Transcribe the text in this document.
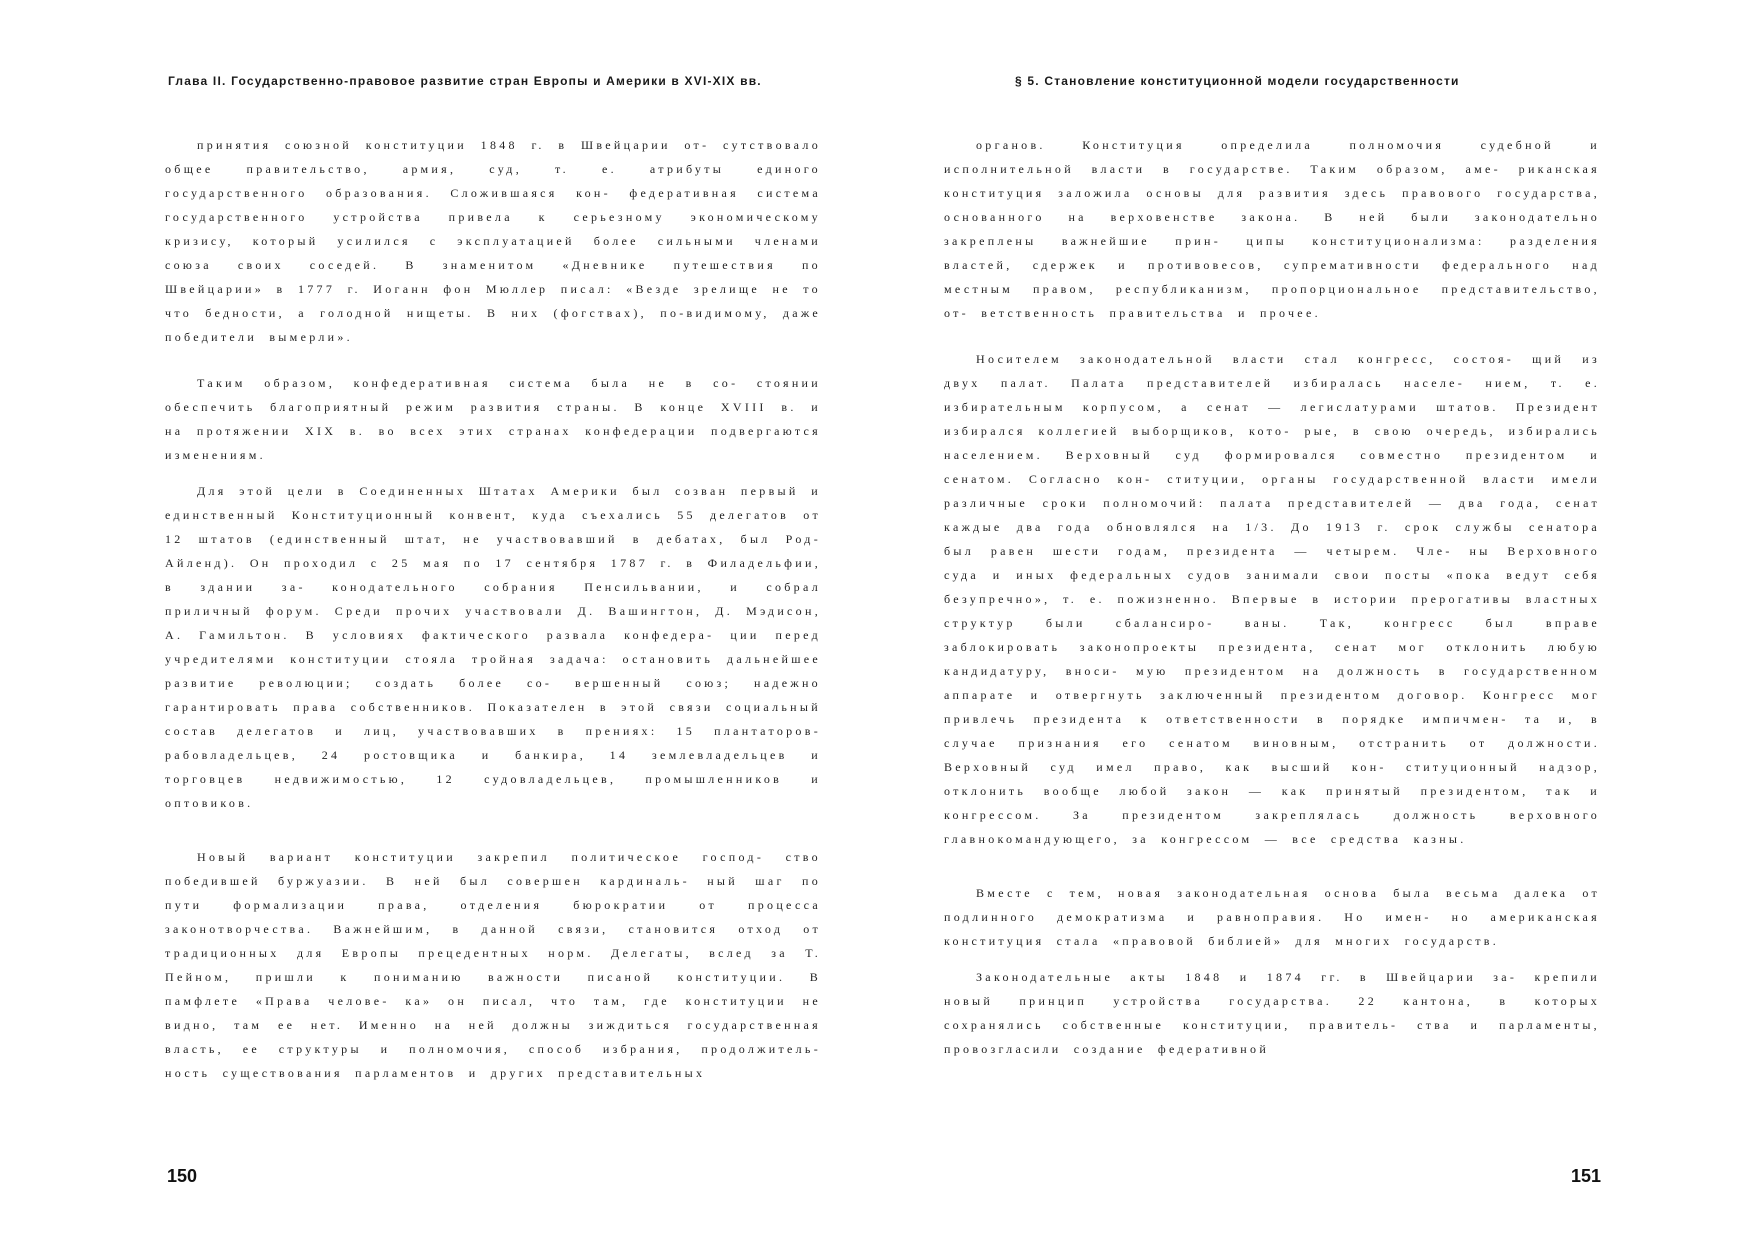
Глава II. Государственно-правовое развитие стран Европы и Америки в XVI-XIX вв.

принятия союзной конституции 1848 г. в Швейцарии от- сутствовало общее правительство, армия, суд, т. е. атрибуты единого государственного образования. Сложившаяся кон- федеративная система государственного устройства привела к серьезному экономическому кризису, который усилился с эксплуатацией более сильными членами союза своих соседей. В знаменитом «Дневнике путешествия по Швейцарии» в 1777 г. Иоганн фон Мюллер писал: «Везде зрелище не то что бедности, а голодной нищеты. В них (фогствах), по-видимому, даже победители вымерли».

Таким образом, конфедеративная система была не в со- стоянии обеспечить благоприятный режим развития страны. В конце XVIII в. и на протяжении XIX в. во всех этих странах конфедерации подвергаются изменениям.

Для этой цели в Соединенных Штатах Америки был созван первый и единственный Конституционный конвент, куда съехались 55 делегатов от 12 штатов (единственный штат, не участвовавший в дебатах, был Род-Айленд). Он проходил с 25 мая по 17 сентября 1787 г. в Филадельфии, в здании за- конодательного собрания Пенсильвании, и собрал приличный форум. Среди прочих участвовали Д. Вашингтон, Д. Мэдисон, А. Гамильтон. В условиях фактического развала конфедера- ции перед учредителями конституции стояла тройная задача: остановить дальнейшее развитие революции; создать более со- вершенный союз; надежно гарантировать права собственников. Показателен в этой связи социальный состав делегатов и лиц, участвовавших в прениях: 15 плантаторов-рабовладельцев, 24 ростовщика и банкира, 14 землевладельцев и торговцев недвижимостью, 12 судовладельцев, промышленников и оптовиков.

Новый вариант конституции закрепил политическое господ- ство победившей буржуазии. В ней был совершен кардиналь- ный шаг по пути формализации права, отделения бюрократии от процесса законотворчества. Важнейшим, в данной связи, становится отход от традиционных для Европы прецедентных норм. Делегаты, вслед за Т. Пейном, пришли к пониманию важности писаной конституции. В памфлете «Права челове- ка» он писал, что там, где конституции не видно, там ее нет. Именно на ней должны зиждиться государственная власть, ее структуры и полномочия, способ избрания, продолжитель- ность существования парламентов и других представительных

150
§ 5. Становление конституционной модели государственности

органов. Конституция определила полномочия судебной и исполнительной власти в государстве. Таким образом, аме- риканская конституция заложила основы для развития здесь правового государства, основанного на верховенстве закона. В ней были законодательно закреплены важнейшие прин- ципы конституционализма: разделения властей, сдержек и противовесов, супремативности федерального над местным правом, республиканизм, пропорциональное представительство, от- ветственность правительства и прочее.

Носителем законодательной власти стал конгресс, состоя- щий из двух палат. Палата представителей избиралась населе- нием, т. е. избирательным корпусом, а сенат — легислатурами штатов. Президент избирался коллегией выборщиков, кото- рые, в свою очередь, избирались населением. Верховный суд формировался совместно президентом и сенатом. Согласно кон- ституции, органы государственной власти имели различные сроки полномочий: палата представителей — два года, сенат каждые два года обновлялся на 1/3. До 1913 г. срок службы сенатора был равен шести годам, президента — четырем. Чле- ны Верховного суда и иных федеральных судов занимали свои посты «пока ведут себя безупречно», т. е. пожизненно. Впервые в истории прерогативы властных структур были сбалансиро- ваны. Так, конгресс был вправе заблокировать законопроекты президента, сенат мог отклонить любую кандидатуру, вноси- мую президентом на должность в государственном аппарате и отвергнуть заключенный президентом договор. Конгресс мог привлечь президента к ответственности в порядке импичмен- та и, в случае признания его сенатом виновным, отстранить от должности. Верховный суд имел право, как высший кон- ституционный надзор, отклонить вообще любой закон — как принятый президентом, так и конгрессом. За президентом закреплялась должность верховного главнокомандующего, за конгрессом — все средства казны.

Вместе с тем, новая законодательная основа была весьма далека от подлинного демократизма и равноправия. Но имен- но американская конституция стала «правовой библией» для многих государств.

Законодательные акты 1848 и 1874 гг. в Швейцарии за- крепили новый принцип устройства государства. 22 кантона, в которых сохранялись собственные конституции, правитель- ства и парламенты, провозгласили создание федеративной

151
